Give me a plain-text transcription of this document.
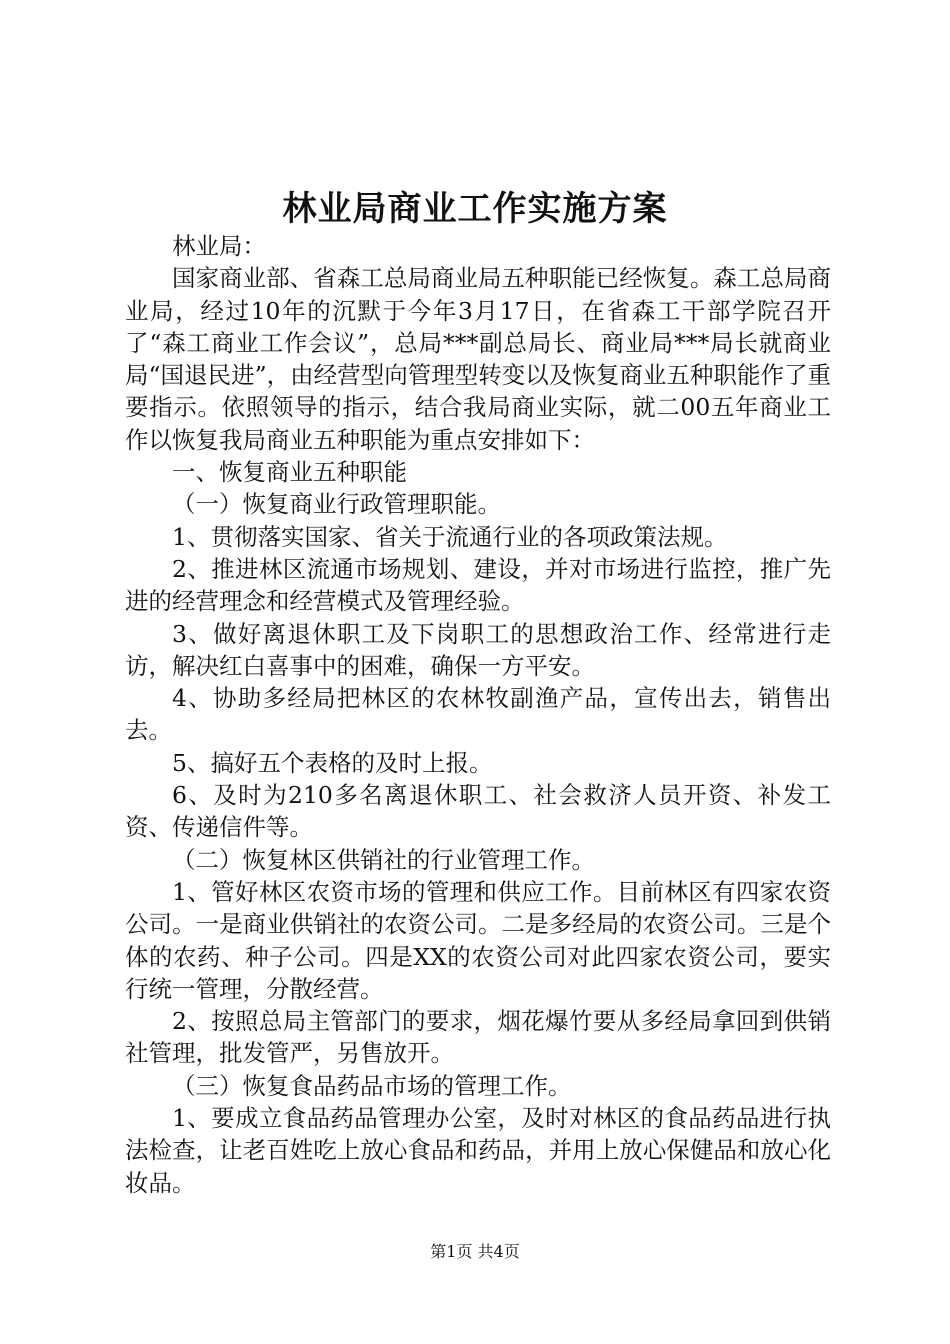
林业局商业工作实施方案

林业局：

国家商业部、省森工总局商业局五种职能已经恢复。森工总局商业局，经过10年的沉默于今年3月17日，在省森工干部学院召开了“森工商业工作会议”，总局***副总局长、商业局***局长就商业局“国退民进”，由经营型向管理型转变以及恢复商业五种职能作了重要指示。依照领导的指示，结合我局商业实际，就二00五年商业工作以恢复我局商业五种职能为重点安排如下：

一、恢复商业五种职能

（一）恢复商业行政管理职能。

1、贯彻落实国家、省关于流通行业的各项政策法规。

2、推进林区流通市场规划、建设，并对市场进行监控，推广先进的经营理念和经营模式及管理经验。

3、做好离退休职工及下岗职工的思想政治工作、经常进行走访，解决红白喜事中的困难，确保一方平安。

4、协助多经局把林区的农林牧副渔产品，宣传出去，销售出去。

5、搞好五个表格的及时上报。

6、及时为210多名离退休职工、社会救济人员开资、补发工资、传递信件等。

（二）恢复林区供销社的行业管理工作。

1、管好林区农资市场的管理和供应工作。目前林区有四家农资公司。一是商业供销社的农资公司。二是多经局的农资公司。三是个体的农药、种子公司。四是XX的农资公司对此四家农资公司，要实行统一管理，分散经营。

2、按照总局主管部门的要求，烟花爆竹要从多经局拿回到供销社管理，批发管严，另售放开。

（三）恢复食品药品市场的管理工作。

1、要成立食品药品管理办公室，及时对林区的食品药品进行执法检查，让老百姓吃上放心食品和药品，并用上放心保健品和放心化妆品。

第1页 共4页
